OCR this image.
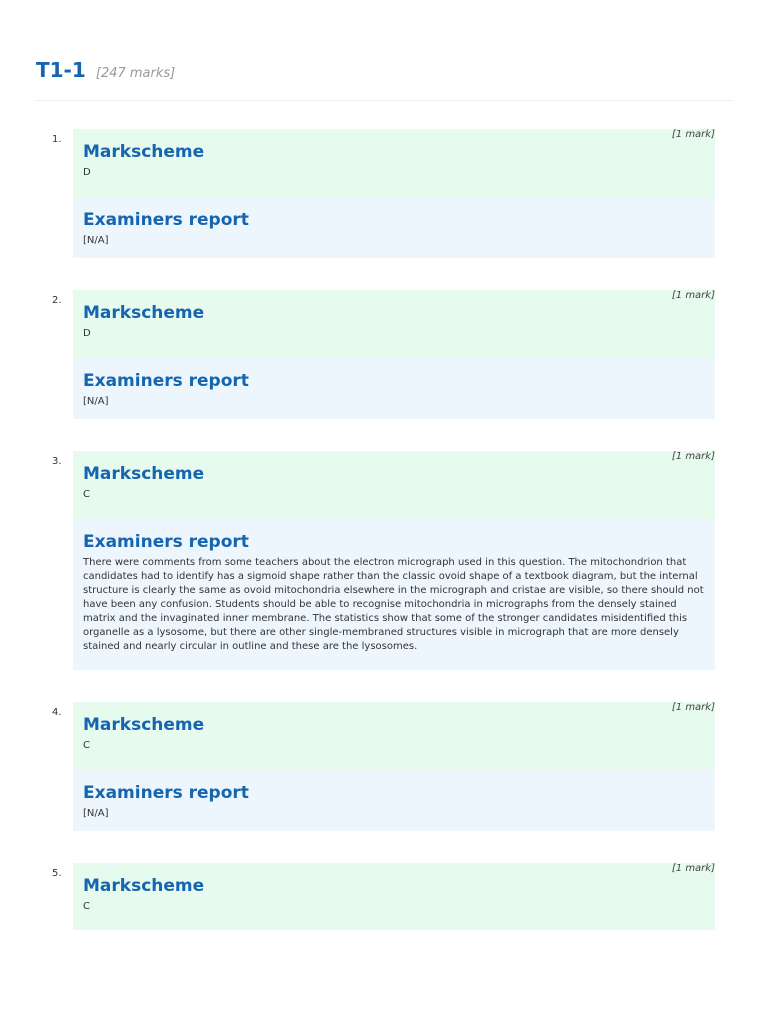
T1-1 [247 marks]
1.
Markscheme
D
[1 mark]
Examiners report
[N/A]
2.
Markscheme
D
[1 mark]
Examiners report
[N/A]
3.
Markscheme
C
[1 mark]
Examiners report
There were comments from some teachers about the electron micrograph used in this question. The mitochondrion that candidates had to identify has a sigmoid shape rather than the classic ovoid shape of a textbook diagram, but the internal structure is clearly the same as ovoid mitochondria elsewhere in the micrograph and cristae are visible, so there should not have been any confusion. Students should be able to recognise mitochondria in micrographs from the densely stained matrix and the invaginated inner membrane. The statistics show that some of the stronger candidates misidentified this organelle as a lysosome, but there are other single-membraned structures visible in micrograph that are more densely stained and nearly circular in outline and these are the lysosomes.
4.
Markscheme
C
[1 mark]
Examiners report
[N/A]
5.
Markscheme
C
[1 mark]
